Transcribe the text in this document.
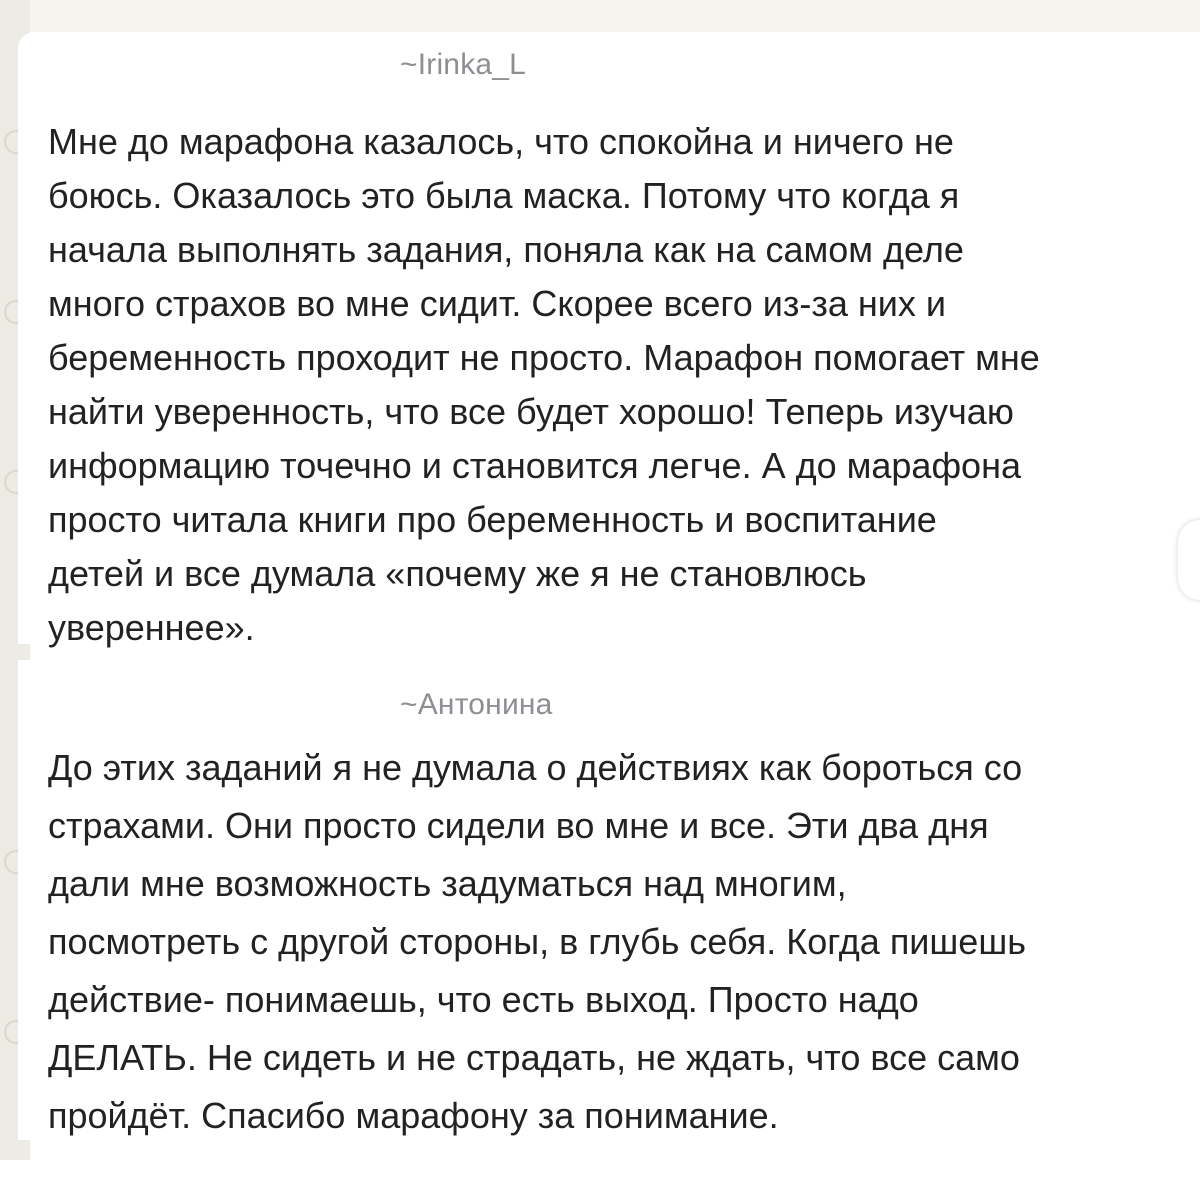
~Irinka_L

Мне до марафона казалось, что спокойна и ничего не

боюсь. Оказалось это была маска. Потому что когда я

начала выполнять задания, поняла как на самом деле

много страхов во мне сидит. Скорее всего из-за них и

беременность проходит не просто. Марафон помогает мне

найти уверенность, что все будет хорошо! Теперь изучаю

информацию точечно и становится легче. А до марафона

просто читала книги про беременность и воспитание

детей и все думала «почему же я не становлюсь

увереннее».

~Антонина

До этих заданий я не думала о действиях как бороться со

страхами. Они просто сидели во мне и все. Эти два дня

дали мне возможность задуматься над многим,

посмотреть с другой стороны, в глубь себя. Когда пишешь

действие- понимаешь, что есть выход. Просто надо

ДЕЛАТЬ. Не сидеть и не страдать, не ждать, что все само

пройдёт. Спасибо марафону за понимание.
